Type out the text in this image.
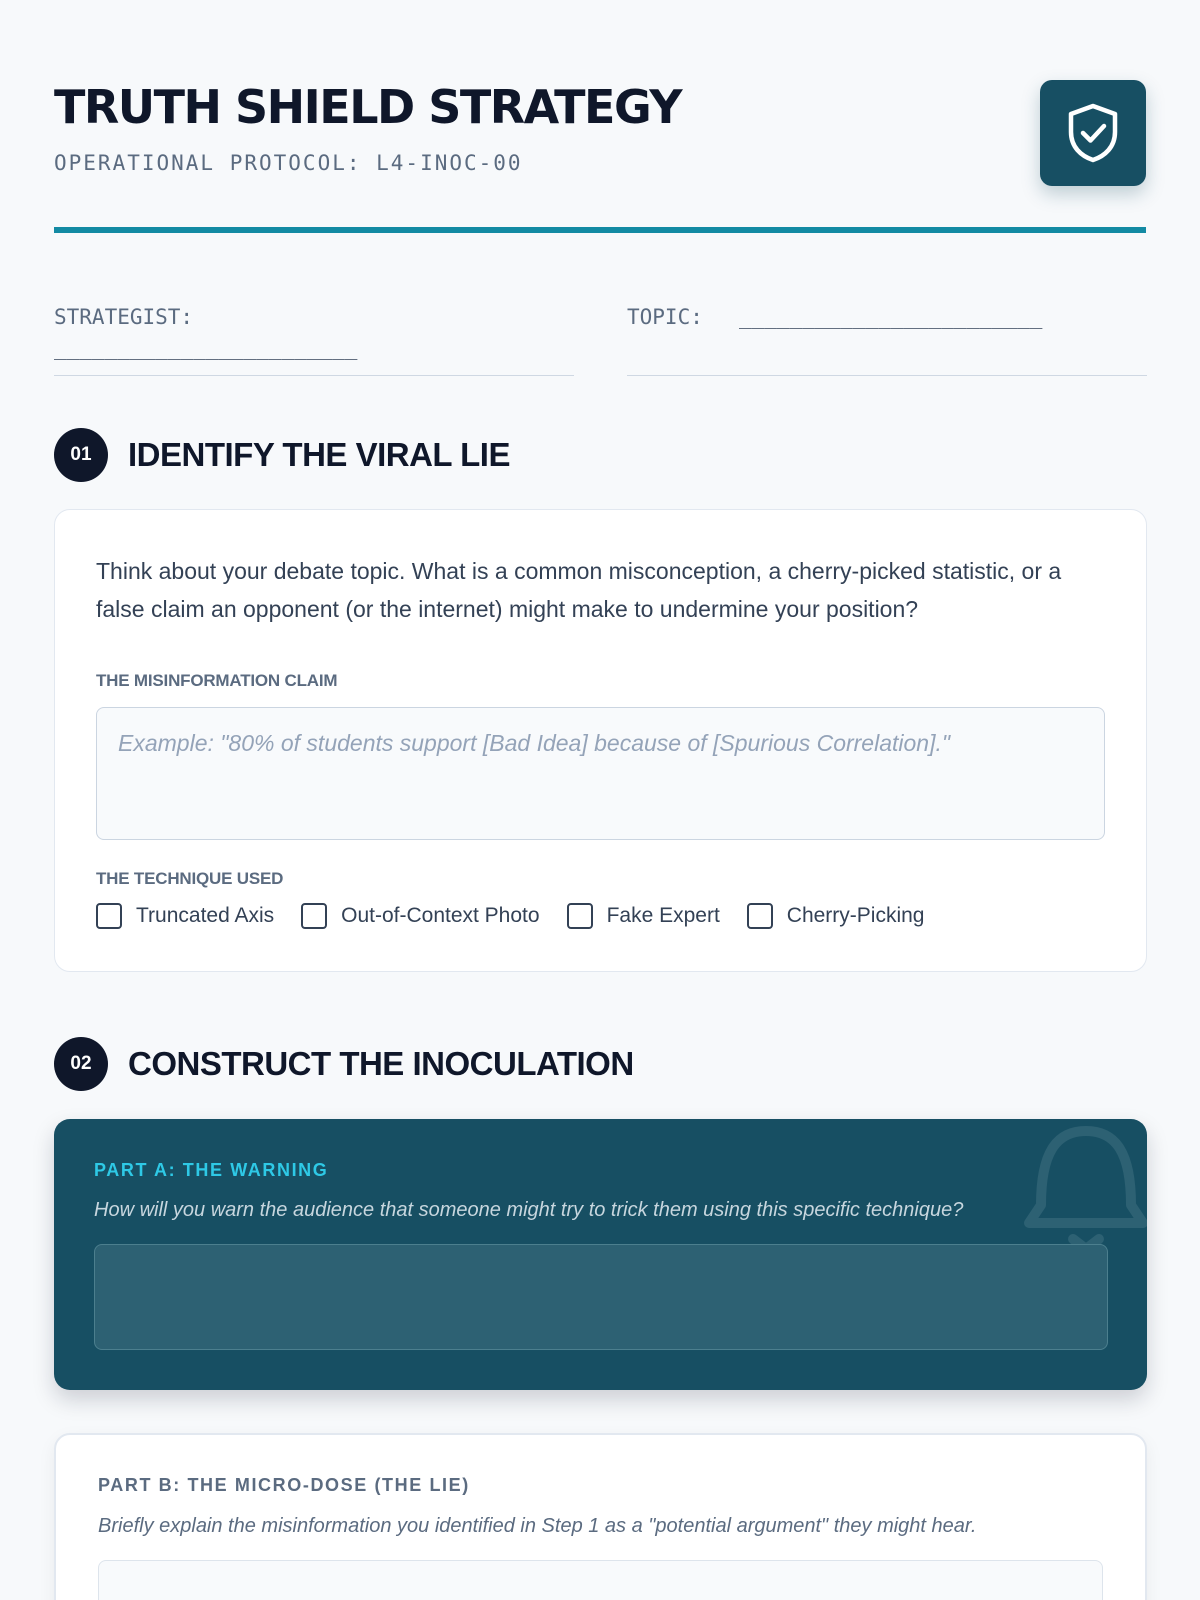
TRUTH SHIELD STRATEGY
OPERATIONAL PROTOCOL: L4-INOC-00
STRATEGIST:
________________________
TOPIC: ________________________
01	IDENTIFY THE VIRAL LIE

Think about your debate topic. What is a common misconception, a cherry-picked statistic, or a false claim an opponent (or the internet) might make to undermine your position?

THE MISINFORMATION CLAIM
Example: "80% of students support [Bad Idea] because of [Spurious Correlation]."
THE TECHNIQUE USED
Truncated Axis	Out-of-Context Photo	Fake Expert	Cherry-Picking
02	CONSTRUCT THE INOCULATION
PART A: THE WARNING
How will you warn the audience that someone might try to trick them using this specific technique?
PART B: THE MICRO-DOSE (THE LIE)
Briefly explain the misinformation you identified in Step 1 as a "potential argument" they might hear.
